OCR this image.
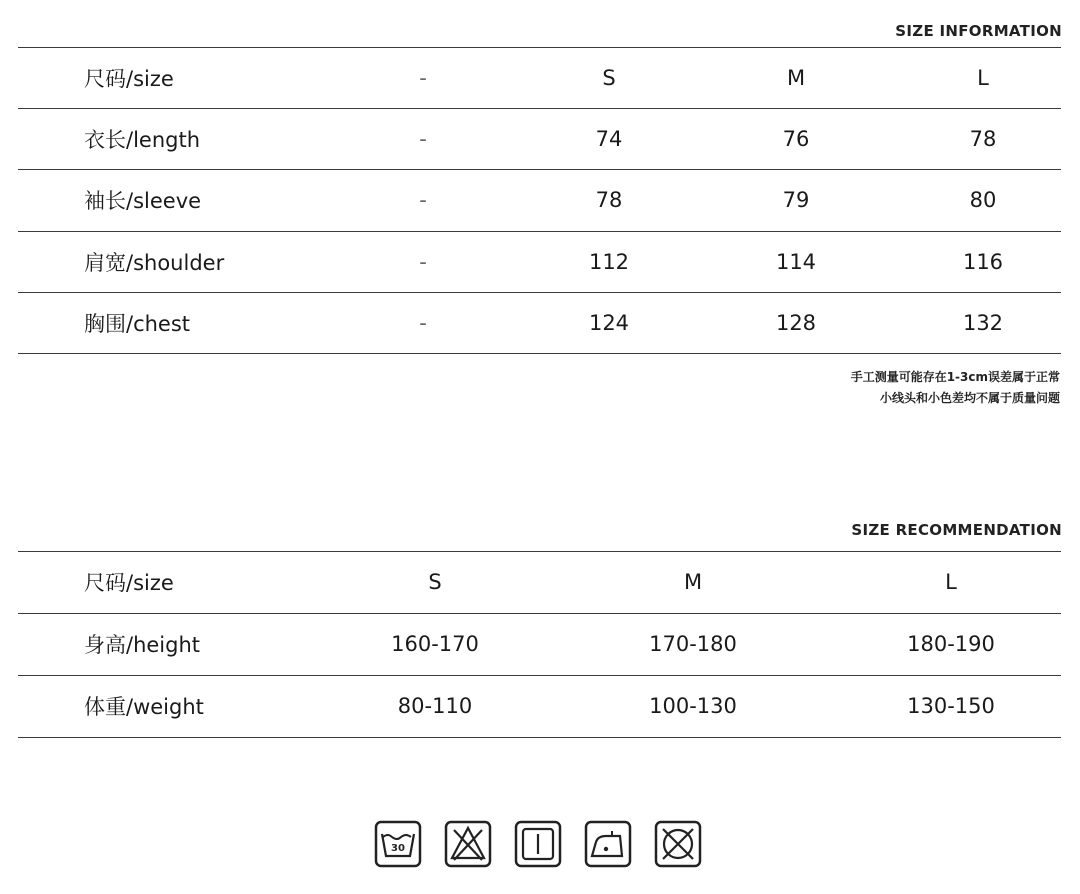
SIZE INFORMATION
尺码/size	-	S	M	L
衣长/length	-	74	76	78
袖长/sleeve	-	78	79	80
肩宽/shoulder	-	112	114	116
胸围/chest	-	124	128	132
手工测量可能存在1-3cm误差属于正常
小线头和小色差均不属于质量问题
SIZE RECOMMENDATION
尺码/size	S	M	L
身高/height	160-170	170-180	180-190
体重/weight	80-110	100-130	130-150
30
